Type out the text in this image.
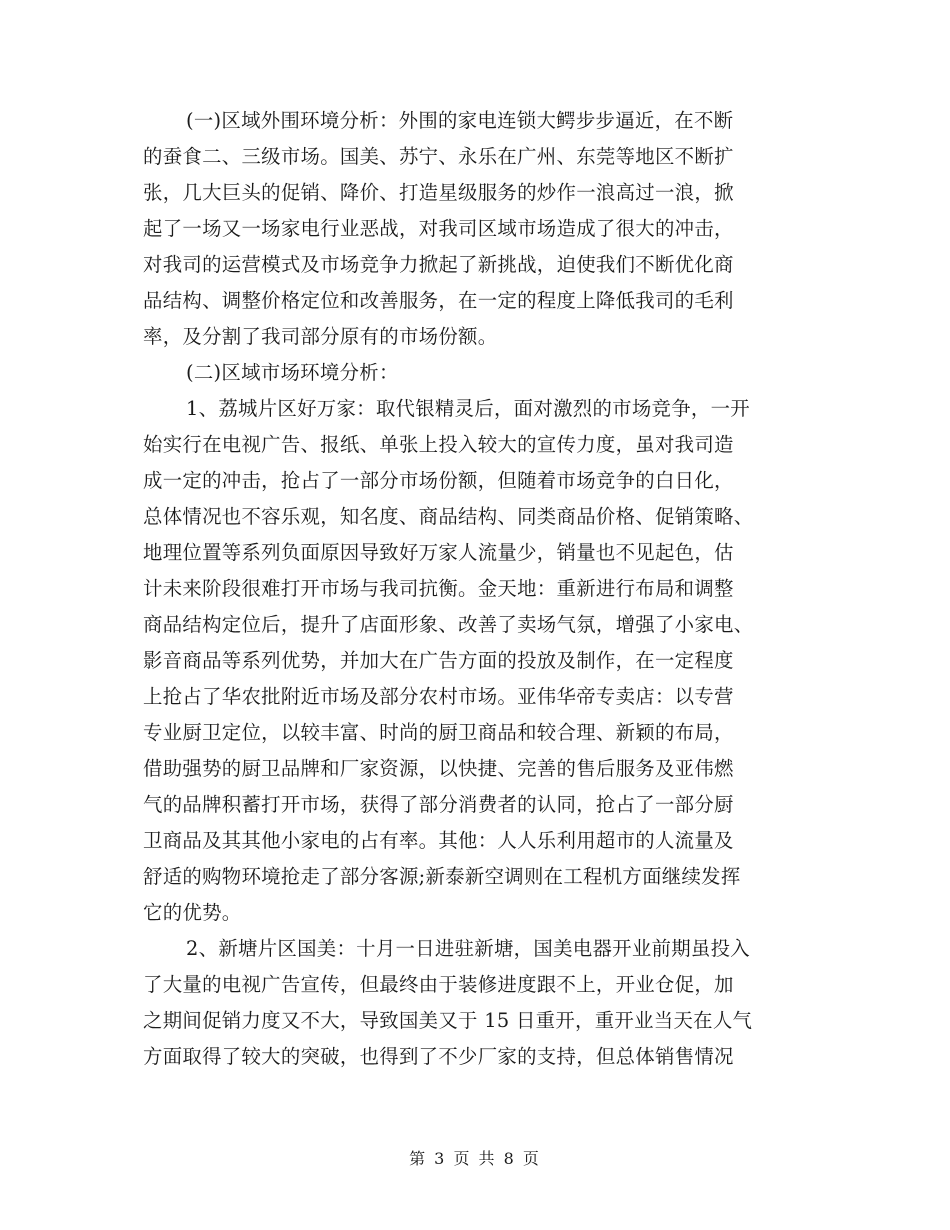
(一)区域外围环境分析：外围的家电连锁大鳄步步逼近，在不断
的蚕食二、三级市场。国美、苏宁、永乐在广州、东莞等地区不断扩
张，几大巨头的促销、降价、打造星级服务的炒作一浪高过一浪，掀
起了一场又一场家电行业恶战，对我司区域市场造成了很大的冲击，
对我司的运营模式及市场竞争力掀起了新挑战，迫使我们不断优化商
品结构、调整价格定位和改善服务，在一定的程度上降低我司的毛利
率，及分割了我司部分原有的市场份额。
(二)区域市场环境分析：
1、荔城片区好万家：取代银精灵后，面对激烈的市场竞争，一开
始实行在电视广告、报纸、单张上投入较大的宣传力度，虽对我司造
成一定的冲击，抢占了一部分市场份额，但随着市场竞争的白日化，
总体情况也不容乐观，知名度、商品结构、同类商品价格、促销策略、
地理位置等系列负面原因导致好万家人流量少，销量也不见起色，估
计未来阶段很难打开市场与我司抗衡。金天地：重新进行布局和调整
商品结构定位后，提升了店面形象、改善了卖场气氛，增强了小家电、
影音商品等系列优势，并加大在广告方面的投放及制作，在一定程度
上抢占了华农批附近市场及部分农村市场。亚伟华帝专卖店：以专营
专业厨卫定位，以较丰富、时尚的厨卫商品和较合理、新颖的布局，
借助强势的厨卫品牌和厂家资源，以快捷、完善的售后服务及亚伟燃
气的品牌积蓄打开市场，获得了部分消费者的认同，抢占了一部分厨
卫商品及其其他小家电的占有率。其他：人人乐利用超市的人流量及
舒适的购物环境抢走了部分客源;新泰新空调则在工程机方面继续发挥
它的优势。
2、新塘片区国美：十月一日进驻新塘，国美电器开业前期虽投入
了大量的电视广告宣传，但最终由于装修进度跟不上，开业仓促，加
之期间促销力度又不大，导致国美又于 15 日重开，重开业当天在人气
方面取得了较大的突破，也得到了不少厂家的支持，但总体销售情况
第 3 页 共 8 页
